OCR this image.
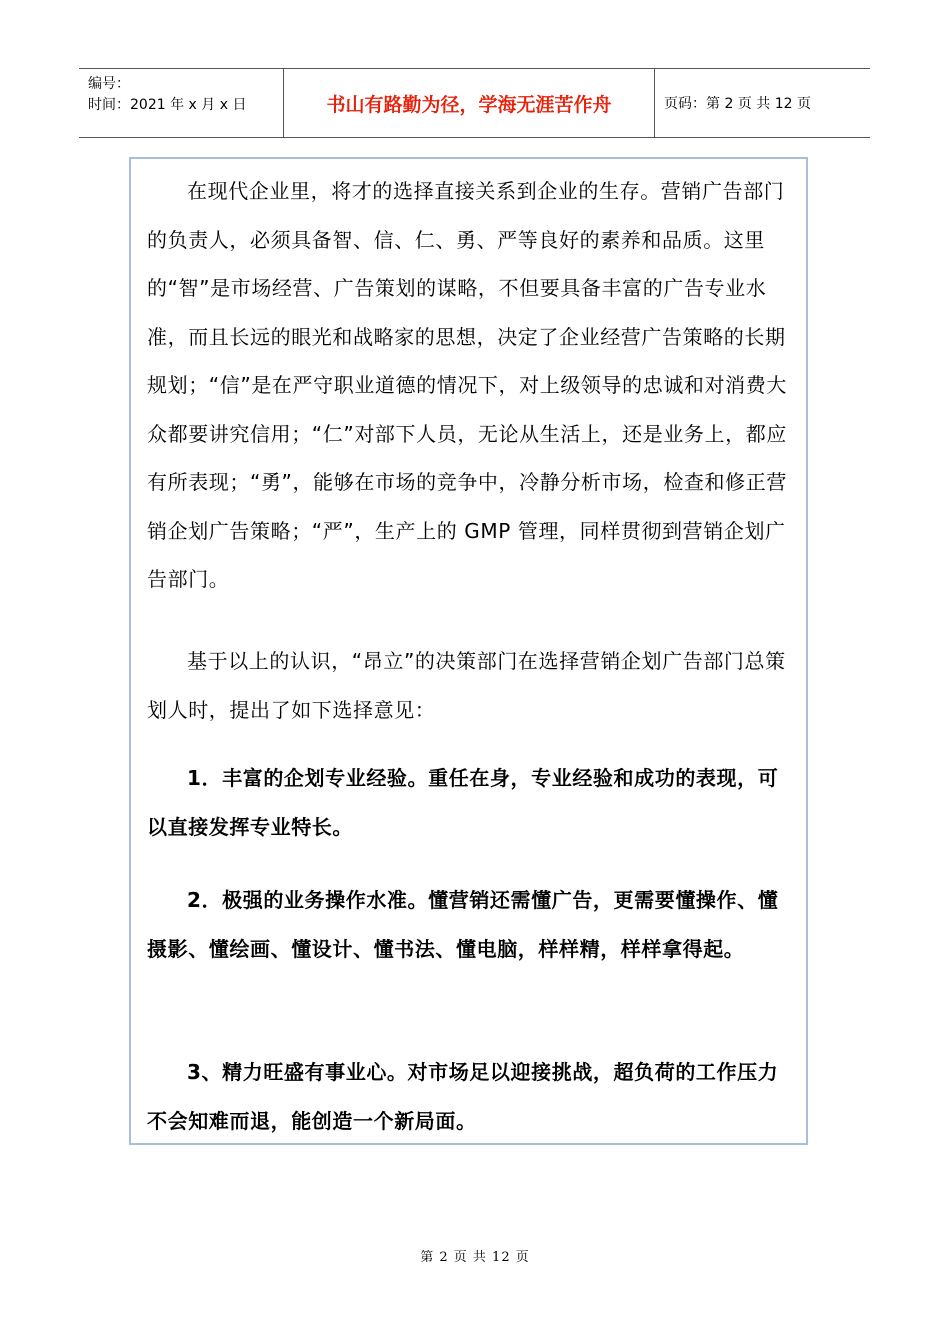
编号：
时间：2021 年 x 月 x 日	书山有路勤为径，学海无涯苦作舟	页码：第 2 页 共 12 页

在现代企业里，将才的选择直接关系到企业的生存。营销广告部门的负责人，必须具备智、信、仁、勇、严等良好的素养和品质。这里的“智”是市场经营、广告策划的谋略，不但要具备丰富的广告专业水准，而且长远的眼光和战略家的思想，决定了企业经营广告策略的长期规划；“信”是在严守职业道德的情况下，对上级领导的忠诚和对消费大众都要讲究信用；“仁”对部下人员，无论从生活上，还是业务上，都应有所表现；“勇”，能够在市场的竞争中，冷静分析市场，检查和修正营销企划广告策略；“严”，生产上的 GMP 管理，同样贯彻到营销企划广告部门。

基于以上的认识，“昂立”的决策部门在选择营销企划广告部门总策划人时，提出了如下选择意见：

1．丰富的企划专业经验。重任在身，专业经验和成功的表现，可以直接发挥专业特长。

2．极强的业务操作水准。懂营销还需懂广告，更需要懂操作、懂摄影、懂绘画、懂设计、懂书法、懂电脑，样样精，样样拿得起。

3、精力旺盛有事业心。对市场足以迎接挑战，超负荷的工作压力不会知难而退，能创造一个新局面。

第 2 页 共 12 页
